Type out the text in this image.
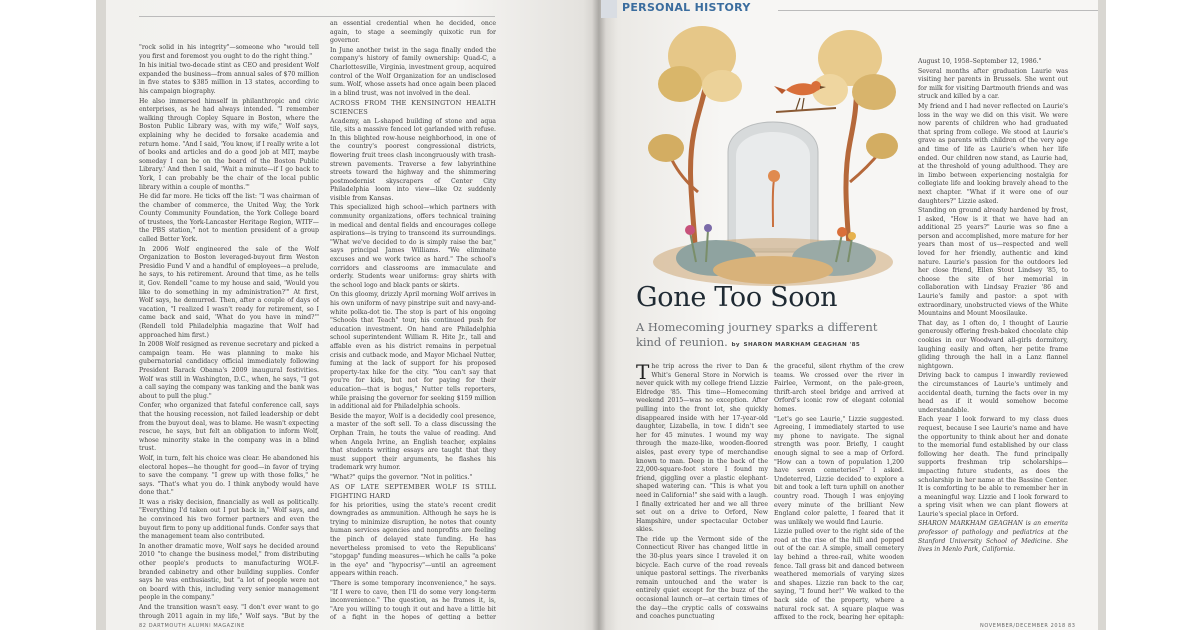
"rock solid in his integrity"—someone who "would tell you first and foremost you ought to do the right thing."

In his initial two-decade stint as CEO and president Wolf expanded the business—from annual sales of $70 million in five states to $385 million in 13 states, according to his campaign biography.

He also immersed himself in philanthropic and civic enterprises, as he had always intended. "I remember walking through Copley Square in Boston, where the Boston Public Library was, with my wife," Wolf says, explaining why he decided to forsake academia and return home. "And I said, 'You know, if I really write a lot of books and articles and do a good job at MIT, maybe someday I can be on the board of the Boston Public Library.' And then I said, 'Wait a minute—if I go back to York, I can probably be the chair of the local public library within a couple of months.'"

He did far more. He ticks off the list: "I was chairman of the chamber of commerce, the United Way, the York County Community Foundation, the York College board of trustees, the York-Lancaster Heritage Region, WITF—the PBS station," not to mention president of a group called Better York.

In 2006 Wolf engineered the sale of the Wolf Organization to Boston leveraged-buyout firm Weston Presidio Fund V and a handful of employees—a prelude, he says, to his retirement. Around that time, as he tells it, Gov. Rendell "came to my house and said, 'Would you like to do something in my administration?'" At first, Wolf says, he demurred. Then, after a couple of days of vacation, "I realized I wasn't ready for retirement, so I came back and said, 'What do you have in mind?'" (Rendell told Philadelphia magazine that Wolf had approached him first.)

In 2008 Wolf resigned as revenue secretary and picked a campaign team. He was planning to make his gubernatorial candidacy official immediately following President Barack Obama's 2009 inaugural festivities. Wolf was still in Washington, D.C., when, he says, "I got a call saying the company was tanking and the bank was about to pull the plug."

Confer, who organized that fateful conference call, says that the housing recession, not failed leadership or debt from the buyout deal, was to blame. He wasn't expecting rescue, he says, but felt an obligation to inform Wolf, whose minority stake in the company was in a blind trust.

Wolf, in turn, felt his choice was clear. He abandoned his electoral hopes—he thought for good—in favor of trying to save the company. "I grew up with those folks," he says. "That's what you do. I think anybody would have done that."

It was a risky decision, financially as well as politically. "Everything I'd taken out I put back in," Wolf says, and he convinced his two former partners and even the buyout firm to pony up additional funds. Confer says that the management team also contributed.

In another dramatic move, Wolf says he decided around 2010 "to change the business model," from distributing other people's products to manufacturing WOLF-branded cabinetry and other building supplies. Confer says he was enthusiastic, but "a lot of people were not on board with this, including very senior management people in the company."

And the transition wasn't easy. "I don't ever want to go through 2011 again in my life," Wolf says. "But by the

an essential credential when he decided, once again, to stage a seemingly quixotic run for governor.

In June another twist in the saga finally ended the company's history of family ownership: Quad-C, a Charlottesville, Virginia, investment group, acquired control of the Wolf Organization for an undisclosed sum. Wolf, whose assets had once again been placed in a blind trust, was not involved in the deal.

ACROSS FROM THE KENSINGTON HEALTH SCIENCES

Academy, an L-shaped building of stone and aqua tile, sits a massive fenced lot garlanded with refuse. In this blighted row-house neighborhood, in one of the country's poorest congressional districts, flowering fruit trees clash incongruously with trash-strewn pavements. Traverse a few labyrinthine streets toward the highway and the shimmering postmodernist skyscrapers of Center City Philadelphia loom into view—like Oz suddenly visible from Kansas.

This specialized high school—which partners with community organizations, offers technical training in medical and dental fields and encourages college aspirations—is trying to transcend its surroundings. "What we've decided to do is simply raise the bar," says principal James Williams. "We eliminate excuses and we work twice as hard." The school's corridors and classrooms are immaculate and orderly. Students wear uniforms: gray shirts with the school logo and black pants or skirts.

On this gloomy, drizzly April morning Wolf arrives in his own uniform of navy pinstripe suit and navy-and-white polka-dot tie. The stop is part of his ongoing "Schools that Teach" tour, his continued push for education investment. On hand are Philadelphia school superintendent William R. Hite Jr., tall and affable even as his district remains in perpetual crisis and cutback mode, and Mayor Michael Nutter, fuming at the lack of support for his proposed property-tax hike for the city. "You can't say that you're for kids, but not for paying for their education—that is bogus," Nutter tells reporters, while praising the governor for seeking $159 million in additional aid for Philadelphia schools.

Beside the mayor, Wolf is a decidedly cool presence, a master of the soft sell. To a class discussing the Orphan Train, he touts the value of reading. And when Angela Ivrine, an English teacher, explains that students writing essays are taught that they must support their arguments, he flashes his trademark wry humor.

"What?" quips the governor. "Not in politics."

AS OF LATE SEPTEMBER WOLF IS STILL FIGHTING HARD

for his priorities, using the state's recent credit downgrades as ammunition. Although he says he is trying to minimize disruption, he notes that county human services agencies and nonprofits are feeling the pinch of delayed state funding. He has nevertheless promised to veto the Republicans' "stopgap" funding measures—which he calls "a poke in the eye" and "hypocrisy"—until an agreement appears within reach.

"There is some temporary inconvenience," he says. "If I were to cave, then I'll do some very long-term inconvenience." The question, as he frames it, is, "Are you willing to tough it out and have a little bit of a fight in the hopes of getting a better

PERSONAL HISTORY
Gone Too Soon
A Homecoming journey sparks a different kind of reunion. by SHARON MARKHAM GEAGHAN '85
T he trip across the river to Dan & Whit's General Store in Norwich is never quick with my college friend Lizzie Eldredge '85. This time—Homecoming weekend 2015—was no exception. After pulling into the front lot, she quickly disappeared inside with her 17-year-old daughter, Lizabella, in tow. I didn't see her for 45 minutes. I wound my way through the maze-like, wooden-floored aisles, past every type of merchandise known to man. Deep in the back of the 22,000-square-foot store I found my friend, giggling over a plastic elephant-shaped watering can. "This is what you need in California!" she said with a laugh. I finally extricated her and we all three set out on a drive to Orford, New Hampshire, under spectacular October skies.

The ride up the Vermont side of the Connecticut River has changed little in the 30-plus years since I traveled it on bicycle. Each curve of the road reveals unique pastoral settings. The riverbanks remain untouched and the water is entirely quiet except for the buzz of the occasional launch or—at certain times of the day—the cryptic calls of coxswains and coaches punctuating

the graceful, silent rhythm of the crew teams. We crossed over the river in Fairlee, Vermont, on the pale-green, thrift-arch steel bridge and arrived at Orford's iconic row of elegant colonial homes.

"Let's go see Laurie," Lizzie suggested. Agreeing, I immediately started to use my phone to navigate. The signal strength was poor. Briefly, I caught enough signal to see a map of Orford. "How can a town of population 1,200 have seven cemeteries?" I asked. Undeterred, Lizzie decided to explore a bit and took a left turn uphill on another country road. Though I was enjoying every minute of the brilliant New England color palette, I feared that it was unlikely we would find Laurie.

Lizzie pulled over to the right side of the road at the rise of the hill and popped out of the car. A simple, small cemetery lay behind a three-rail, white wooden fence. Tall grass bit and danced between weathered memorials of varying sizes and shapes. Lizzie ran back to the car, saying, "I found her!" We walked to the back side of the property, where a natural rock sat. A square plaque was affixed to the rock, bearing her epitaph:

August 10, 1958–September 12, 1986."

Several months after graduation Laurie was visiting her parents in Brussels. She went out for milk for visiting Dartmouth friends and was struck and killed by a car.

My friend and I had never reflected on Laurie's loss in the way we did on this visit. We were now parents of children who had graduated that spring from college. We stood at Laurie's grave as parents with children of the very age and time of life as Laurie's when her life ended. Our children now stand, as Laurie had, at the threshold of young adulthood. They are in limbo between experiencing nostalgia for collegiate life and looking bravely ahead to the next chapter. "What if it were one of our daughters?" Lizzie asked.

Standing on ground already hardened by frost, I asked, "How is it that we have had an additional 25 years?" Laurie was so fine a person and accomplished, more mature for her years than most of us—respected and well loved for her friendly, authentic and kind nature. Laurie's passion for the outdoors led her close friend, Ellen Stout Lindsey '85, to choose the site of her memorial in collaboration with Lindsay Frazier '86 and Laurie's family and pastor: a spot with extraordinary, unobstructed views of the White Mountains and Mount Moosilauke.

That day, as I often do, I thought of Laurie generously offering fresh-baked chocolate chip cookies in our Woodward all-girls dormitory, laughing easily and often, her petite frame gliding through the hall in a Lanz flannel nightgown.

Driving back to campus I inwardly reviewed the circumstances of Laurie's untimely and accidental death, turning the facts over in my head as if it would somehow become understandable.

Each year I look forward to my class dues request, because I see Laurie's name and have the opportunity to think about her and donate to the memorial fund established by our class following her death. The fund principally supports freshman trip scholarships—impacting future students, as does the scholarship in her name at the Bassine Center. It is comforting to be able to remember her in a meaningful way. Lizzie and I look forward to a spring visit when we can plant flowers at Laurie's special place in Orford.

SHARON MARKHAM GEAGHAN is an emerita professor of pathology and pediatrics at the Stanford University School of Medicine. She lives in Menlo Park, California.

82 DARTMOUTH ALUMNI MAGAZINE	NOVEMBER/DECEMBER 2018 83
